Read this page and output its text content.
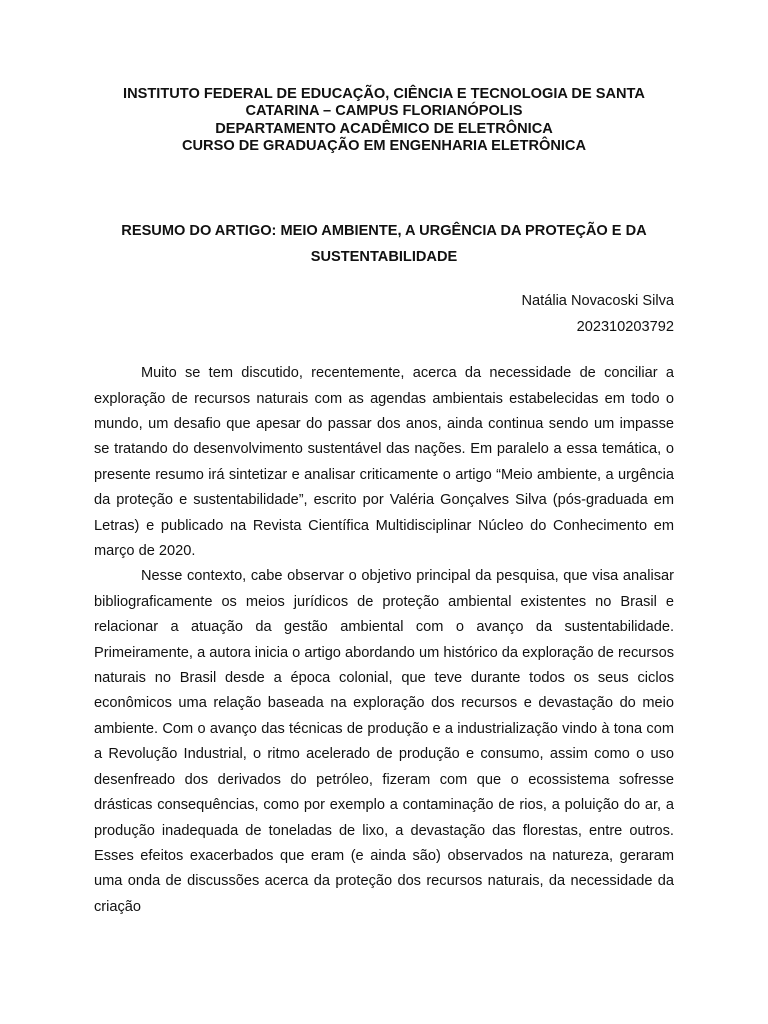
INSTITUTO FEDERAL DE EDUCAÇÃO, CIÊNCIA E TECNOLOGIA DE SANTA
CATARINA – CAMPUS FLORIANÓPOLIS
DEPARTAMENTO ACADÊMICO DE ELETRÔNICA
CURSO DE GRADUAÇÃO EM ENGENHARIA ELETRÔNICA
RESUMO DO ARTIGO: MEIO AMBIENTE, A URGÊNCIA DA PROTEÇÃO E DA
SUSTENTABILIDADE
Natália Novacoski Silva
202310203792

Muito se tem discutido, recentemente, acerca da necessidade de conciliar a exploração de recursos naturais com as agendas ambientais estabelecidas em todo o mundo, um desafio que apesar do passar dos anos, ainda continua sendo um impasse se tratando do desenvolvimento sustentável das nações. Em paralelo a essa temática, o presente resumo irá sintetizar e analisar criticamente o artigo “Meio ambiente, a urgência da proteção e sustentabilidade”, escrito por Valéria Gonçalves Silva (pós-graduada em Letras) e publicado na Revista Científica Multidisciplinar Núcleo do Conhecimento em março de 2020.

Nesse contexto, cabe observar o objetivo principal da pesquisa, que visa analisar bibliograficamente os meios jurídicos de proteção ambiental existentes no Brasil e relacionar a atuação da gestão ambiental com o avanço da sustentabilidade. Primeiramente, a autora inicia o artigo abordando um histórico da exploração de recursos naturais no Brasil desde a época colonial, que teve durante todos os seus ciclos econômicos uma relação baseada na exploração dos recursos e devastação do meio ambiente. Com o avanço das técnicas de produção e a industrialização vindo à tona com a Revolução Industrial, o ritmo acelerado de produção e consumo, assim como o uso desenfreado dos derivados do petróleo, fizeram com que o ecossistema sofresse drásticas consequências, como por exemplo a contaminação de rios, a poluição do ar, a produção inadequada de toneladas de lixo, a devastação das florestas, entre outros. Esses efeitos exacerbados que eram (e ainda são) observados na natureza, geraram uma onda de discussões acerca da proteção dos recursos naturais, da necessidade da criação
